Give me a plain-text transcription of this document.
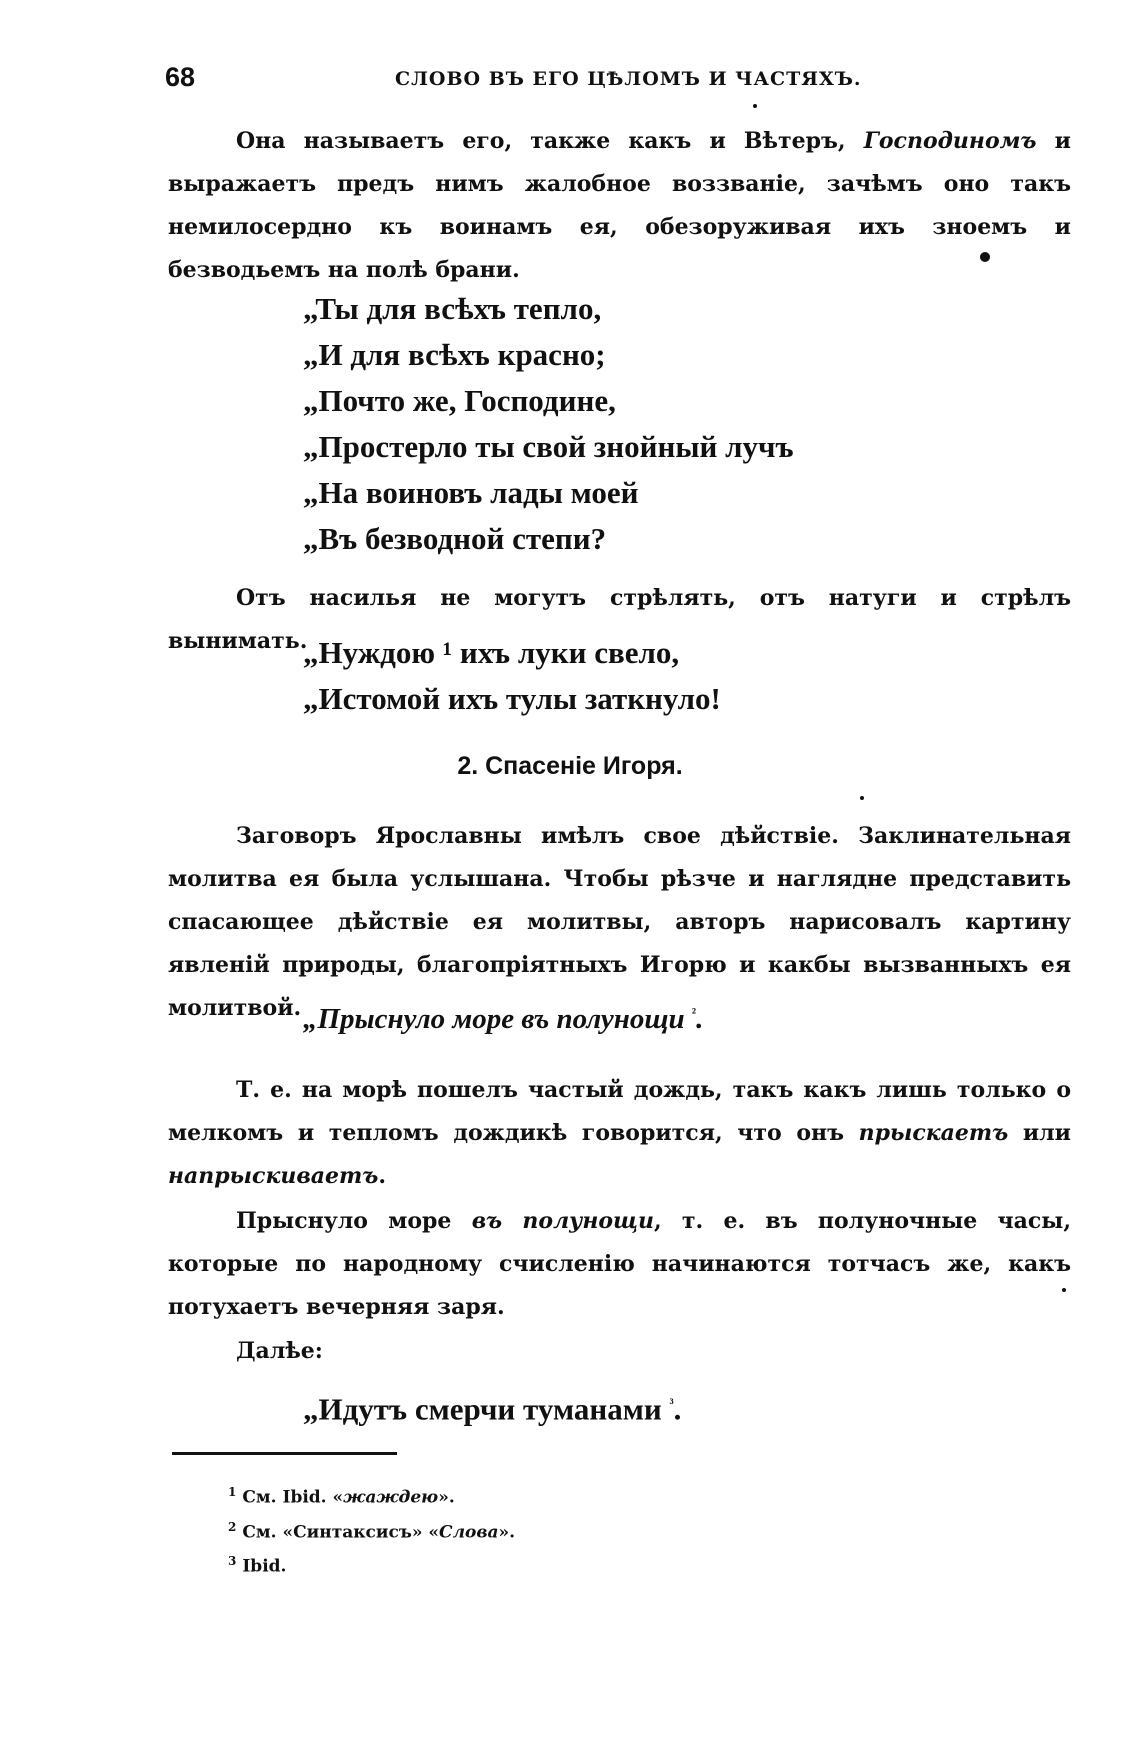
68	СЛОВО ВЪ ЕГО ЦѢЛОМЪ И ЧАСТЯХЪ.
Она называетъ его, также какъ и Вѣтеръ, Господиномъ и выражаетъ предъ нимъ жалобное воззваніе, зачѣмъ оно такъ немилосердно къ воинамъ ея, обезоруживая ихъ зноемъ и безводьемъ на полѣ брани.
„Ты для всѣхъ тепло,
„И для всѣхъ красно;
„Почто же, Господине,
„Простерло ты свой знойный лучъ
„На воиновъ лады моей
„Въ безводной степи?
Отъ насилья не могутъ стрѣлять, отъ натуги и стрѣлъ вынимать.
„Нуждою ¹ ихъ луки свело,
„Истомой ихъ тулы заткнуло!
2. Спасеніе Игоря.
Заговоръ Ярославны имѣлъ свое дѣйствіе. Заклинательная молитва ея была услышана. Чтобы рѣзче и наглядне представить спасающее дѣйствіе ея молитвы, авторъ нарисовалъ картину явленій природы, благопріятныхъ Игорю и какбы вызванныхъ ея молитвой. „Прыснуло море въ полунощи $^{^2}$.
Т. е. на морѣ пошелъ частый дождь, такъ какъ лишь только о мелкомъ и тепломъ дождикѣ говорится, что онъ прыскаетъ или напрыскиваетъ.
Прыснуло море въ полунощи, т. е. въ полуночные часы, которые по народному счисленію начинаются тотчасъ же, какъ потухаетъ вечерняя заря.
Далѣе:
„Идутъ смерчи туманами $^{^3}$.
$^1$ См. Ibid. «жаждею».
$^2$ См. «Синтаксисъ» «Слова».
$^3$ Ibid.
